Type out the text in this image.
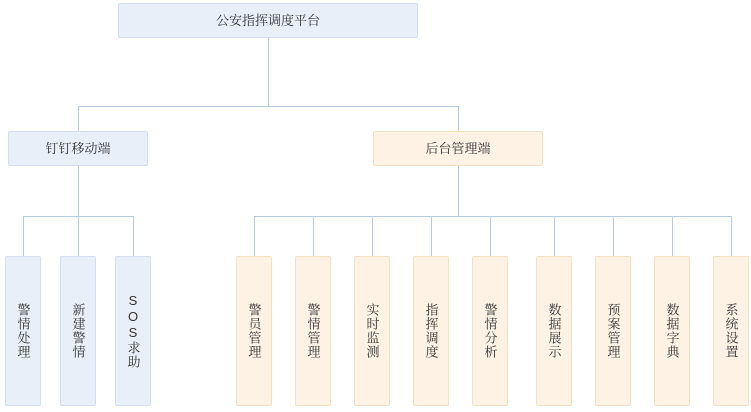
公安指挥调度平台
钉钉移动端	后台管理端
警情处理	新建警情	SOS求助	警员管理	警情管理	实时监测	指挥调度	警情分析	数据展示	预案管理	数据字典	系统设置
